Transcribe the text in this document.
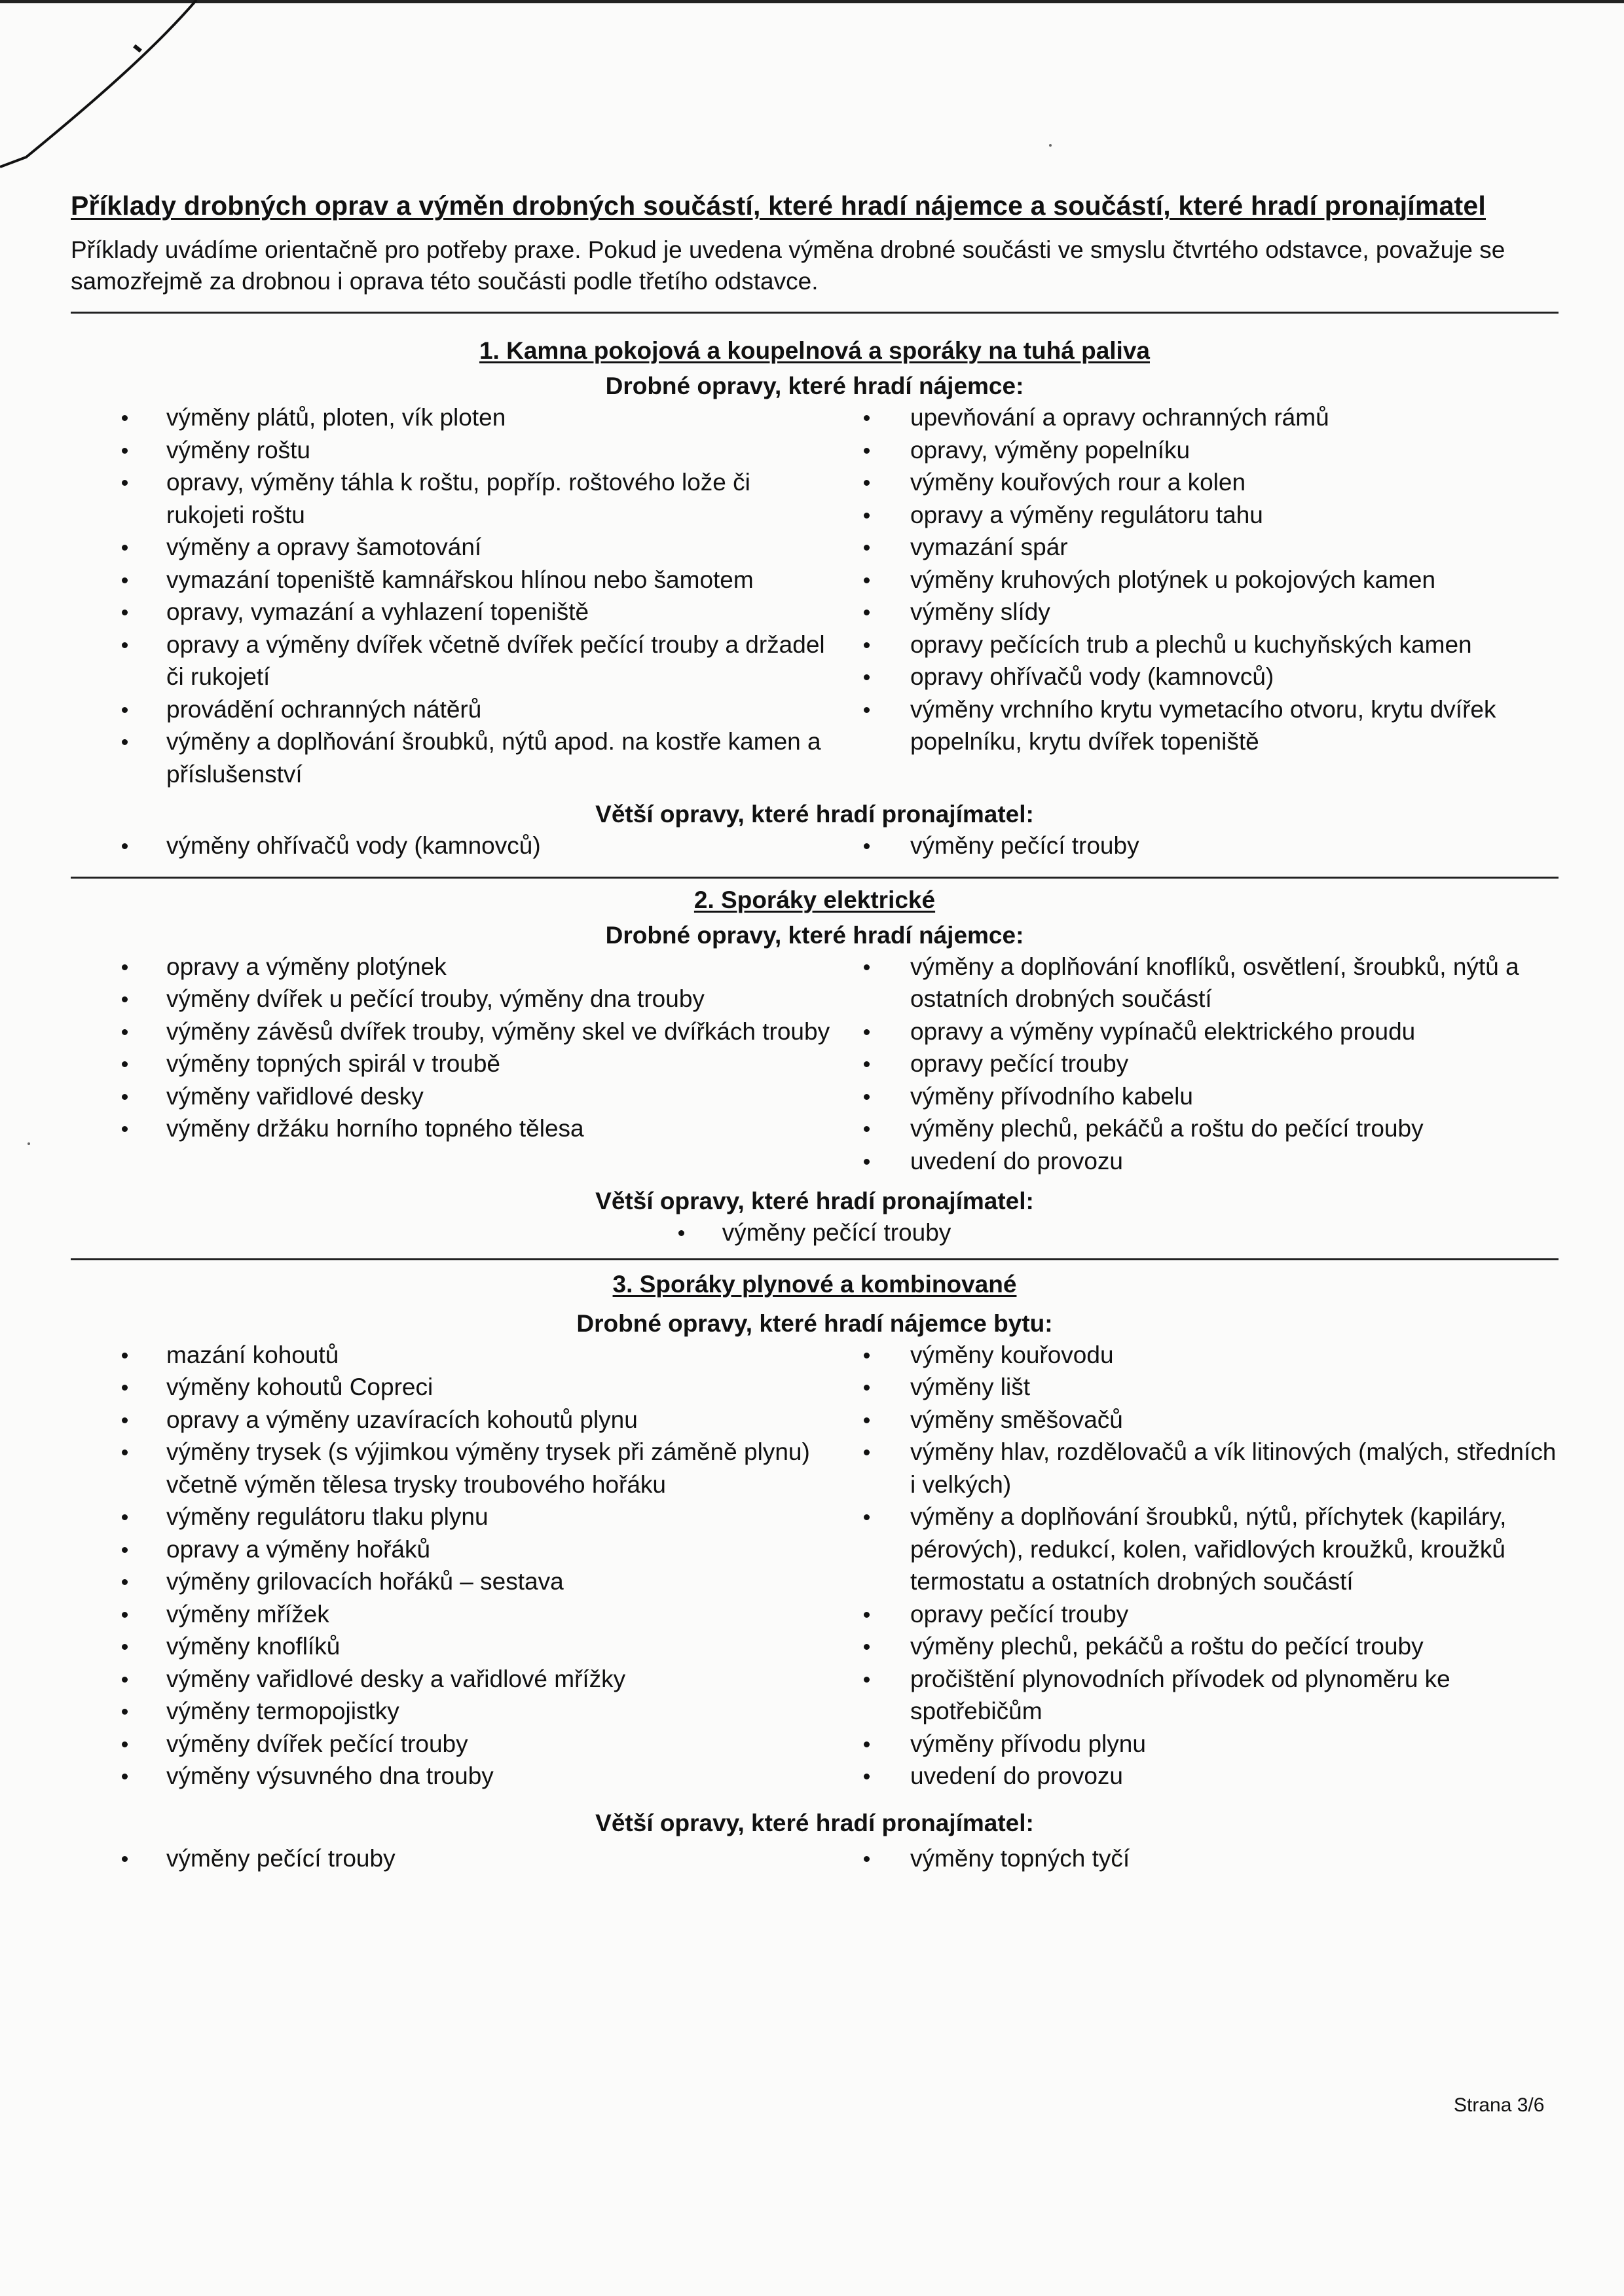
Příklady drobných oprav a výměn drobných součástí, které hradí nájemce a součástí, které hradí pronajímatel
Příklady uvádíme orientačně pro potřeby praxe. Pokud je uvedena výměna drobné součásti ve smyslu čtvrtého odstavce, považuje se samozřejmě za drobnou i oprava této součásti podle třetího odstavce.
1. Kamna pokojová a koupelnová a sporáky na tuhá paliva
Drobné opravy, které hradí nájemce:
výměny plátů, ploten, vík ploten
výměny roštu
opravy, výměny táhla k roštu, popříp. roštového lože či rukojeti roštu
výměny a opravy šamotování
vymazání topeniště kamnářskou hlínou nebo šamotem
opravy, vymazání a vyhlazení topeniště
opravy a výměny dvířek včetně dvířek pečící trouby a držadel či rukojetí
provádění ochranných nátěrů
výměny a doplňování šroubků, nýtů apod. na kostře kamen a příslušenství
upevňování a opravy ochranných rámů
opravy, výměny popelníku
výměny kouřových rour a kolen
opravy a výměny regulátoru tahu
vymazání spár
výměny kruhových plotýnek u pokojových kamen
výměny slídy
opravy pečících trub a plechů u kuchyňských kamen
opravy ohřívačů vody (kamnovců)
výměny vrchního krytu vymetacího otvoru, krytu dvířek popelníku, krytu dvířek topeniště
Větší opravy, které hradí pronajímatel:
výměny ohřívačů vody (kamnovců)	výměny pečící trouby
2. Sporáky elektrické
Drobné opravy, které hradí nájemce:
opravy a výměny plotýnek
výměny dvířek u pečící trouby, výměny dna trouby
výměny závěsů dvířek trouby, výměny skel ve dvířkách trouby
výměny topných spirál v troubě
výměny vařidlové desky
výměny držáku horního topného tělesa
výměny a doplňování knoflíků, osvětlení, šroubků, nýtů a ostatních drobných součástí
opravy a výměny vypínačů elektrického proudu
opravy pečící trouby
výměny přívodního kabelu
výměny plechů, pekáčů a roštu do pečící trouby
uvedení do provozu
Větší opravy, které hradí pronajímatel:
výměny pečící trouby
3. Sporáky plynové a kombinované
Drobné opravy, které hradí nájemce bytu:
mazání kohoutů
výměny kohoutů Copreci
opravy a výměny uzavíracích kohoutů plynu
výměny trysek (s výjimkou výměny trysek při záměně plynu) včetně výměn tělesa trysky troubového hořáku
výměny regulátoru tlaku plynu
opravy a výměny hořáků
výměny grilovacích hořáků – sestava
výměny mřížek
výměny knoflíků
výměny vařidlové desky a vařidlové mřížky
výměny termopojistky
výměny dvířek pečící trouby
výměny výsuvného dna trouby
výměny kouřovodu
výměny lišt
výměny směšovačů
výměny hlav, rozdělovačů a vík litinových (malých, středních i velkých)
výměny a doplňování šroubků, nýtů, příchytek (kapiláry, pérových), redukcí, kolen, vařidlových kroužků, kroužků termostatu a ostatních drobných součástí
opravy pečící trouby
výměny plechů, pekáčů a roštu do pečící trouby
pročištění plynovodních přívodek od plynoměru ke spotřebičům
výměny přívodu plynu
uvedení do provozu
Větší opravy, které hradí pronajímatel:
výměny pečící trouby	výměny topných tyčí
Strana 3/6
